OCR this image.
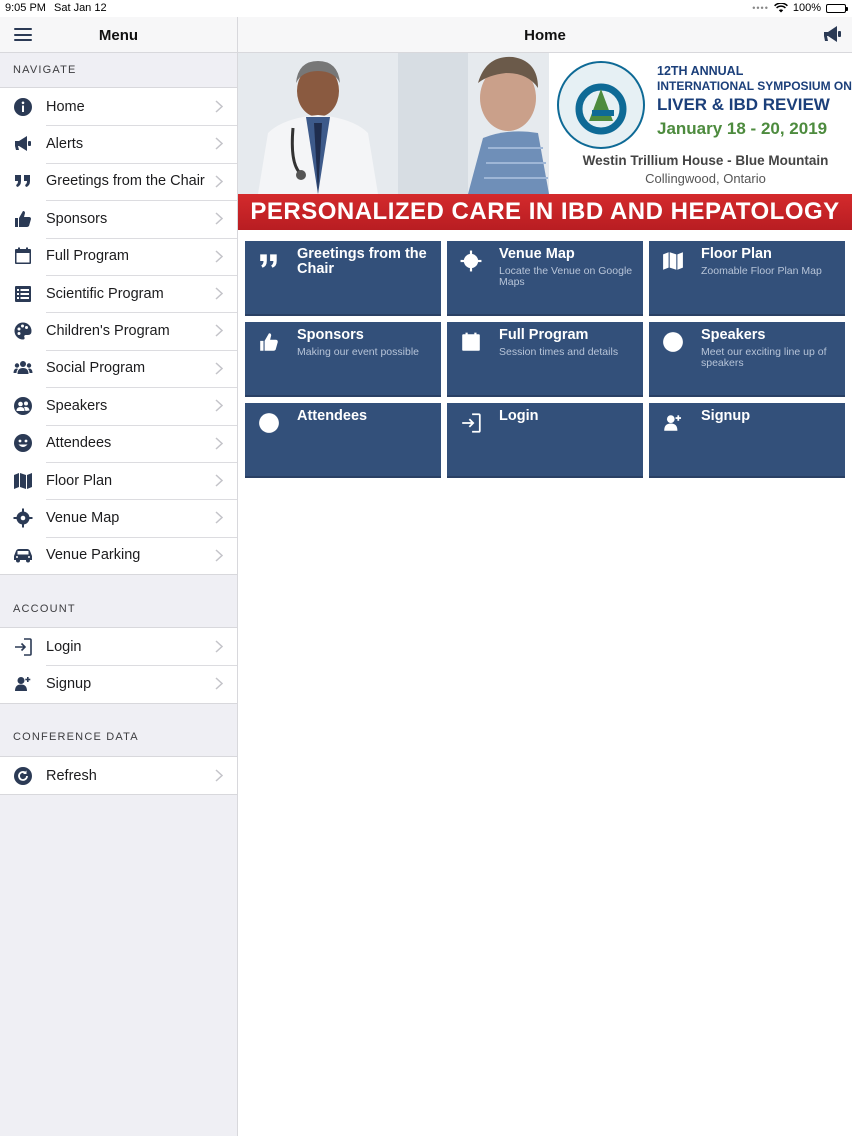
9:05 PM Sat Jan 12	•••• 100%
Menu
NAVIGATE
Home
Alerts
Greetings from the Chair
Sponsors
Full Program
Scientific Program
Children's Program
Social Program
Speakers
Attendees
Floor Plan
Venue Map
Venue Parking
ACCOUNT
Login
Signup
CONFERENCE DATA
Refresh
Home
12TH ANNUAL
INTERNATIONAL SYMPOSIUM ON
LIVER & IBD REVIEW
January 18 - 20, 2019
Westin Trillium House - Blue Mountain
Collingwood, Ontario
PERSONALIZED CARE IN IBD AND HEPATOLOGY
Greetings from the Chair
Venue Map
Locate the Venue on Google Maps
Floor Plan
Zoomable Floor Plan Map
Sponsors
Making our event possible
Full Program
Session times and details
Speakers
Meet our exciting line up of speakers
Attendees	Login	Signup
